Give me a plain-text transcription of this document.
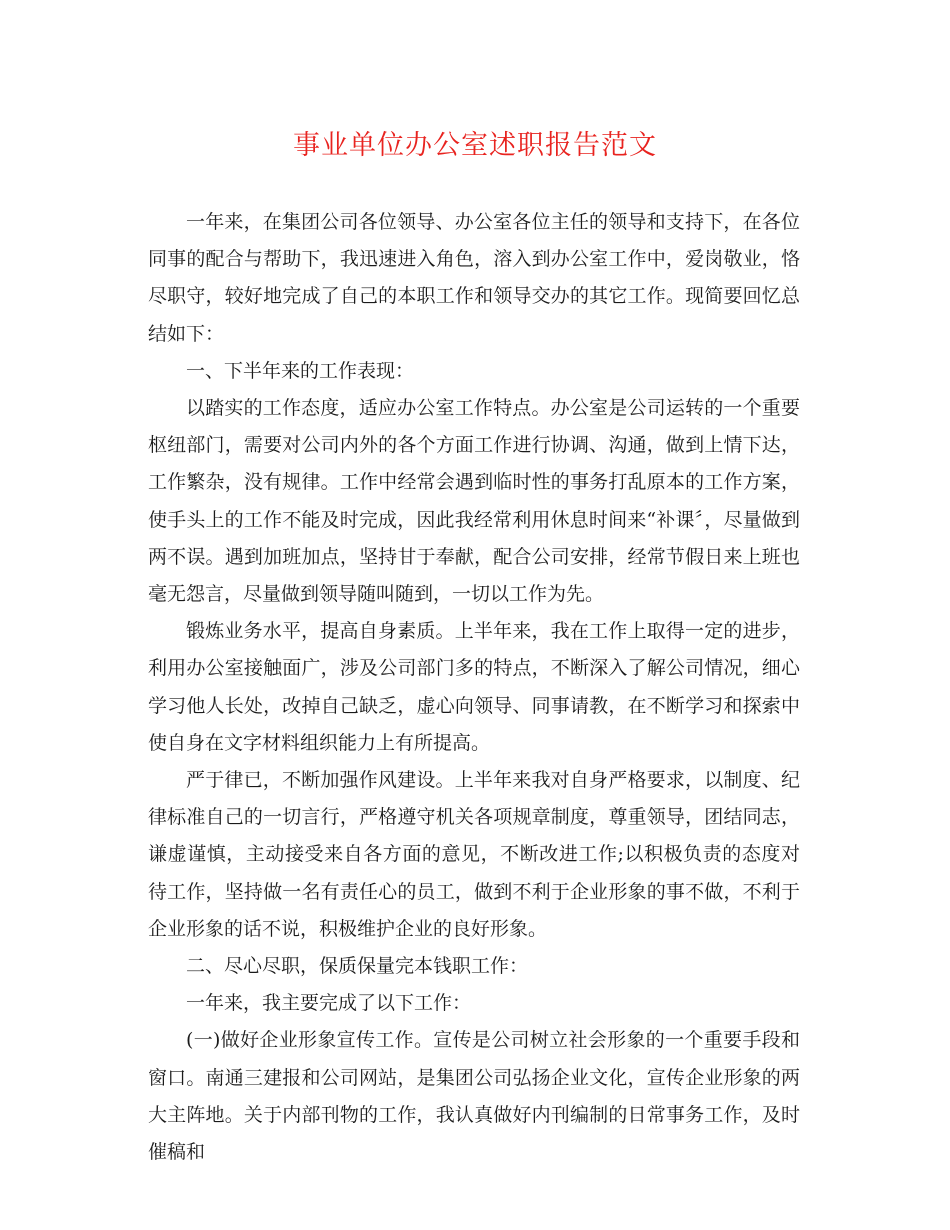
事业单位办公室述职报告范文

一年来，在集团公司各位领导、办公室各位主任的领导和支持下，在各位同事的配合与帮助下，我迅速进入角色，溶入到办公室工作中，爱岗敬业，恪尽职守，较好地完成了自己的本职工作和领导交办的其它工作。现简要回忆总结如下：

一、下半年来的工作表现：

以踏实的工作态度，适应办公室工作特点。办公室是公司运转的一个重要枢纽部门，需要对公司内外的各个方面工作进行协调、沟通，做到上情下达，工作繁杂，没有规律。工作中经常会遇到临时性的事务打乱原本的工作方案，使手头上的工作不能及时完成，因此我经常利用休息时间来“补课〞，尽量做到两不误。遇到加班加点，坚持甘于奉献，配合公司安排，经常节假日来上班也毫无怨言，尽量做到领导随叫随到，一切以工作为先。

锻炼业务水平，提高自身素质。上半年来，我在工作上取得一定的进步，利用办公室接触面广，涉及公司部门多的特点，不断深入了解公司情况，细心学习他人长处，改掉自己缺乏，虚心向领导、同事请教，在不断学习和探索中使自身在文字材料组织能力上有所提高。

严于律已，不断加强作风建设。上半年来我对自身严格要求，以制度、纪律标准自己的一切言行，严格遵守机关各项规章制度，尊重领导，团结同志，谦虚谨慎，主动接受来自各方面的意见，不断改进工作;以积极负责的态度对待工作，坚持做一名有责任心的员工，做到不利于企业形象的事不做，不利于企业形象的话不说，积极维护企业的良好形象。

二、尽心尽职，保质保量完本钱职工作：

一年来，我主要完成了以下工作：

(一)做好企业形象宣传工作。宣传是公司树立社会形象的一个重要手段和窗口。南通三建报和公司网站，是集团公司弘扬企业文化，宣传企业形象的两大主阵地。关于内部刊物的工作，我认真做好内刊编制的日常事务工作，及时催稿和
